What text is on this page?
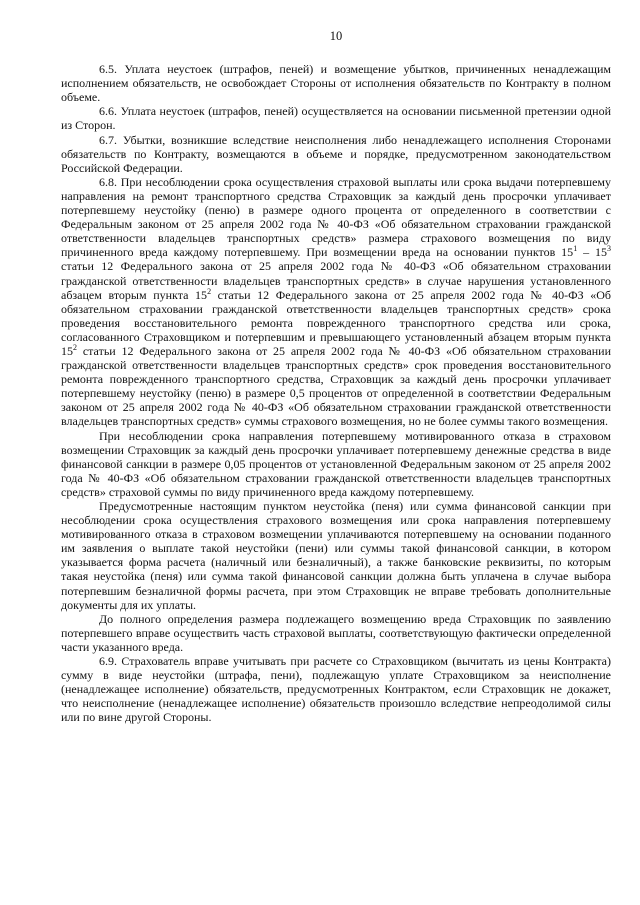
10

6.5. Уплата неустоек (штрафов, пеней) и возмещение убытков, причиненных ненадлежащим исполнением обязательств, не освобождает Стороны от исполнения обязательств по Контракту в полном объеме.

6.6. Уплата неустоек (штрафов, пеней) осуществляется на основании письменной претензии одной из Сторон.

6.7. Убытки, возникшие вследствие неисполнения либо ненадлежащего исполнения Сторонами обязательств по Контракту, возмещаются в объеме и порядке, предусмотренном законодательством Российской Федерации.

6.8. При несоблюдении срока осуществления страховой выплаты или срока выдачи потерпевшему направления на ремонт транспортного средства Страховщик за каждый день просрочки уплачивает потерпевшему неустойку (пеню) в размере одного процента от определенного в соответствии с Федеральным законом от 25 апреля 2002 года № 40-ФЗ «Об обязательном страховании гражданской ответственности владельцев транспортных средств» размера страхового возмещения по виду причиненного вреда каждому потерпевшему. При возмещении вреда на основании пунктов $15^1 - 15^3$ статьи 12 Федерального закона от 25 апреля 2002 года № 40-ФЗ «Об обязательном страховании гражданской ответственности владельцев транспортных средств» в случае нарушения установленного абзацем вторым пункта $15^2$ статьи 12 Федерального закона от 25 апреля 2002 года № 40-ФЗ «Об обязательном страховании гражданской ответственности владельцев транспортных средств» срока проведения восстановительного ремонта поврежденного транспортного средства или срока, согласованного Страховщиком и потерпевшим и превышающего установленный абзацем вторым пункта $15^2$ статьи 12 Федерального закона от 25 апреля 2002 года № 40-ФЗ «Об обязательном страховании гражданской ответственности владельцев транспортных средств» срок проведения восстановительного ремонта поврежденного транспортного средства, Страховщик за каждый день просрочки уплачивает потерпевшему неустойку (пеню) в размере 0,5 процентов от определенной в соответствии Федеральным законом от 25 апреля 2002 года № 40-ФЗ «Об обязательном страховании гражданской ответственности владельцев транспортных средств» суммы страхового возмещения, но не более суммы такого возмещения.

При несоблюдении срока направления потерпевшему мотивированного отказа в страховом возмещении Страховщик за каждый день просрочки уплачивает потерпевшему денежные средства в виде финансовой санкции в размере 0,05 процентов от установленной Федеральным законом от 25 апреля 2002 года № 40-ФЗ «Об обязательном страховании гражданской ответственности владельцев транспортных средств» страховой суммы по виду причиненного вреда каждому потерпевшему.

Предусмотренные настоящим пунктом неустойка (пеня) или сумма финансовой санкции при несоблюдении срока осуществления страхового возмещения или срока направления потерпевшему мотивированного отказа в страховом возмещении уплачиваются потерпевшему на основании поданного им заявления о выплате такой неустойки (пени) или суммы такой финансовой санкции, в котором указывается форма расчета (наличный или безналичный), а также банковские реквизиты, по которым такая неустойка (пеня) или сумма такой финансовой санкции должна быть уплачена в случае выбора потерпевшим безналичной формы расчета, при этом Страховщик не вправе требовать дополнительные документы для их уплаты.

До полного определения размера подлежащего возмещению вреда Страховщик по заявлению потерпевшего вправе осуществить часть страховой выплаты, соответствующую фактически определенной части указанного вреда.

6.9. Страхователь вправе учитывать при расчете со Страховщиком (вычитать из цены Контракта) сумму в виде неустойки (штрафа, пени), подлежащую уплате Страховщиком за неисполнение (ненадлежащее исполнение) обязательств, предусмотренных Контрактом, если Страховщик не докажет, что неисполнение (ненадлежащее исполнение) обязательств произошло вследствие непреодолимой силы или по вине другой Стороны.
